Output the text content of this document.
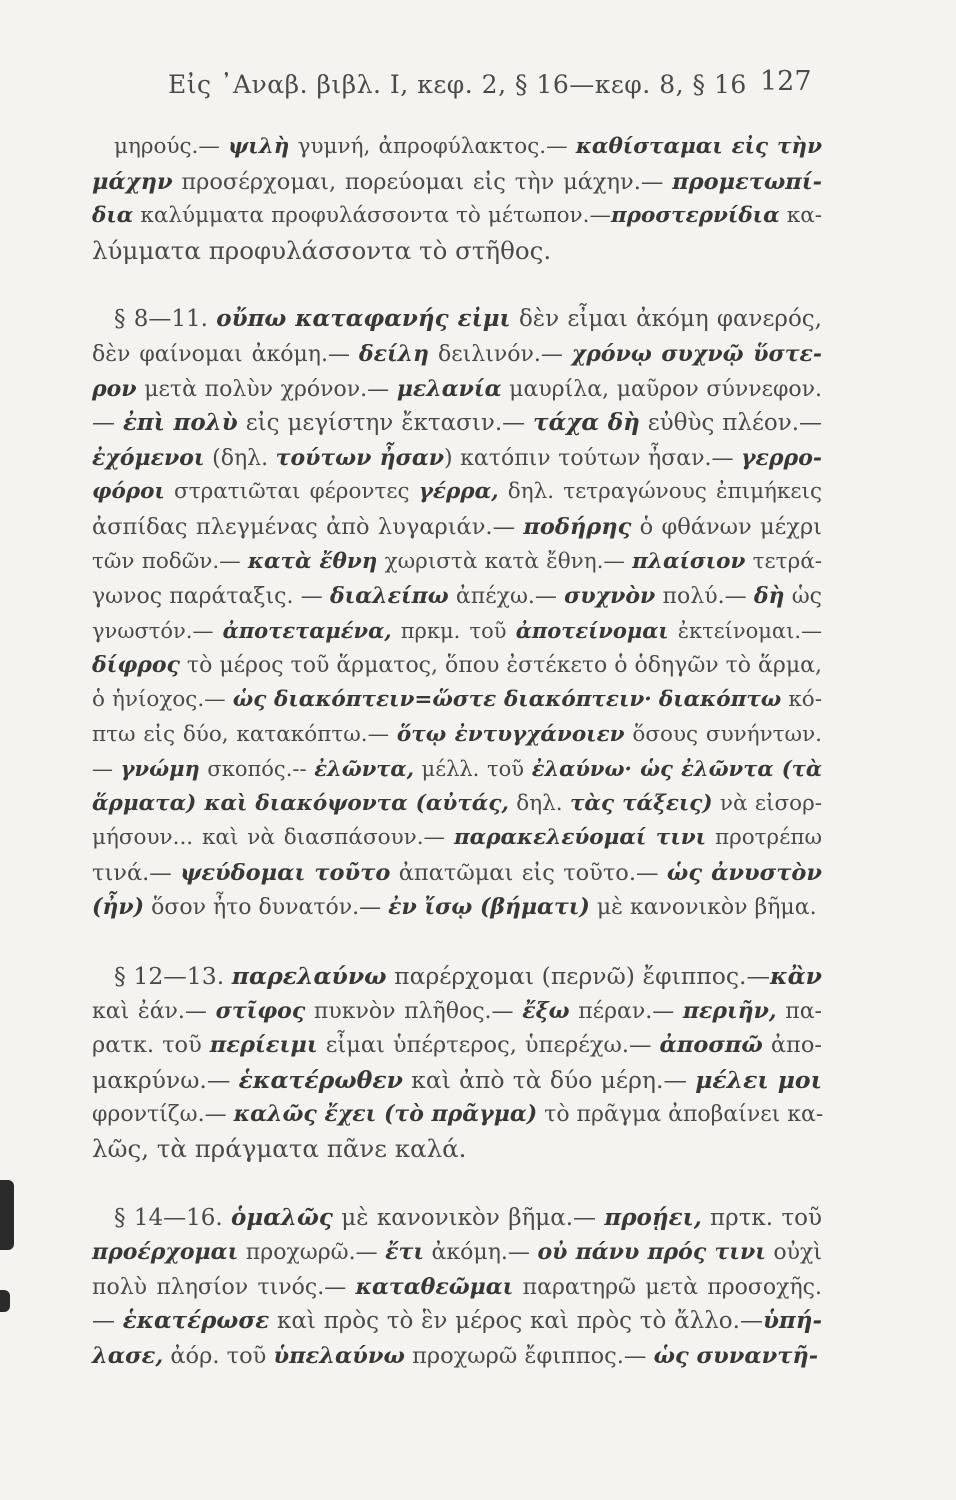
Εἰς ᾽Αναβ. βιβλ. Ι, κεφ. 2, § 16—κεφ. 8, § 16 127
μηρούς.— ψιλὴ γυμνή, ἀπροφύλακτος.— καθίσταμαι εἰς τὴν
μάχην προσέρχομαι, πορεύομαι εἰς τὴν μάχην.— προμετωπί-
δια καλύμματα προφυλάσσοντα τὸ μέτωπον.—προστερνίδια κα-
λύμματα προφυλάσσοντα τὸ στῆθος.
§ 8—11. οὔπω καταφανής εἰμι δὲν εἶμαι ἀκόμη φανερός,
δὲν φαίνομαι ἀκόμη.— δείλη δειλινόν.— χρόνῳ συχνῷ ὕστε-
ρον μετὰ πολὺν χρόνον.— μελανία μαυρίλα, μαῦρον σύννεφον.
— ἐπὶ πολὺ εἰς μεγίστην ἔκτασιν.— τάχα δὴ εὐθὺς πλέον.—
ἐχόμενοι (δηλ. τούτων ἦσαν) κατόπιν τούτων ἦσαν.— γερρο-
φόροι στρατιῶται φέροντες γέρρα, δηλ. τετραγώνους ἐπιμήκεις
ἀσπίδας πλεγμένας ἀπὸ λυγαριάν.— ποδήρης ὁ φθάνων μέχρι
τῶν ποδῶν.— κατὰ ἔθνη χωριστὰ κατὰ ἔθνη.— πλαίσιον τετρά-
γωνος παράταξις. — διαλείπω ἀπέχω.— συχνὸν πολύ.— δὴ ὡς
γνωστόν.— ἀποτεταμένα, πρκμ. τοῦ ἀποτείνομαι ἐκτείνομαι.—
δίφρος τὸ μέρος τοῦ ἅρματος, ὅπου ἐστέκετο ὁ ὁδηγῶν τὸ ἅρμα,
ὁ ἡνίοχος.— ὡς διακόπτειν=ὥστε διακόπτειν· διακόπτω κό-
πτω εἰς δύο, κατακόπτω.— ὅτῳ ἐντυγχάνοιεν ὅσους συνήντων.
— γνώμη σκοπός.-- ἐλῶντα, μέλλ. τοῦ ἐλαύνω· ὡς ἐλῶντα (τὰ
ἅρματα) καὶ διακόψοντα (αὐτάς, δηλ. τὰς τάξεις) νὰ εἰσορ-
μήσουν... καὶ νὰ διασπάσουν.— παρακελεύομαί τινι προτρέπω
τινά.— ψεύδομαι τοῦτο ἀπατῶμαι εἰς τοῦτο.— ὡς ἀνυστὸν
(ἦν) ὅσον ἦτο δυνατόν.— ἐν ἴσῳ (βήματι) μὲ κανονικὸν βῆμα.
§ 12—13. παρελαύνω παρέρχομαι (περνῶ) ἔφιππος.—κἂν
καὶ ἐάν.— στῖφος πυκνὸν πλῆθος.— ἔξω πέραν.— περιῆν, πα-
ρατκ. τοῦ περίειμι εἶμαι ὑπέρτερος, ὑπερέχω.— ἀποσπῶ ἀπο-
μακρύνω.— ἑκατέρωθεν καὶ ἀπὸ τὰ δύο μέρη.— μέλει μοι
φροντίζω.— καλῶς ἔχει (τὸ πρᾶγμα) τὸ πρᾶγμα ἀποβαίνει κα-
λῶς, τὰ πράγματα πᾶνε καλά.
§ 14—16. ὁμαλῶς μὲ κανονικὸν βῆμα.— προῄει, πρτκ. τοῦ
προέρχομαι προχωρῶ.— ἔτι ἀκόμη.— οὐ πάνυ πρός τινι οὐχὶ
πολὺ πλησίον τινός.— καταθεῶμαι παρατηρῶ μετὰ προσοχῆς.
— ἑκατέρωσε καὶ πρὸς τὸ ἓν μέρος καὶ πρὸς τὸ ἄλλο.—ὑπή-
λασε, ἀόρ. τοῦ ὑπελαύνω προχωρῶ ἔφιππος.— ὡς συναντῆ-
